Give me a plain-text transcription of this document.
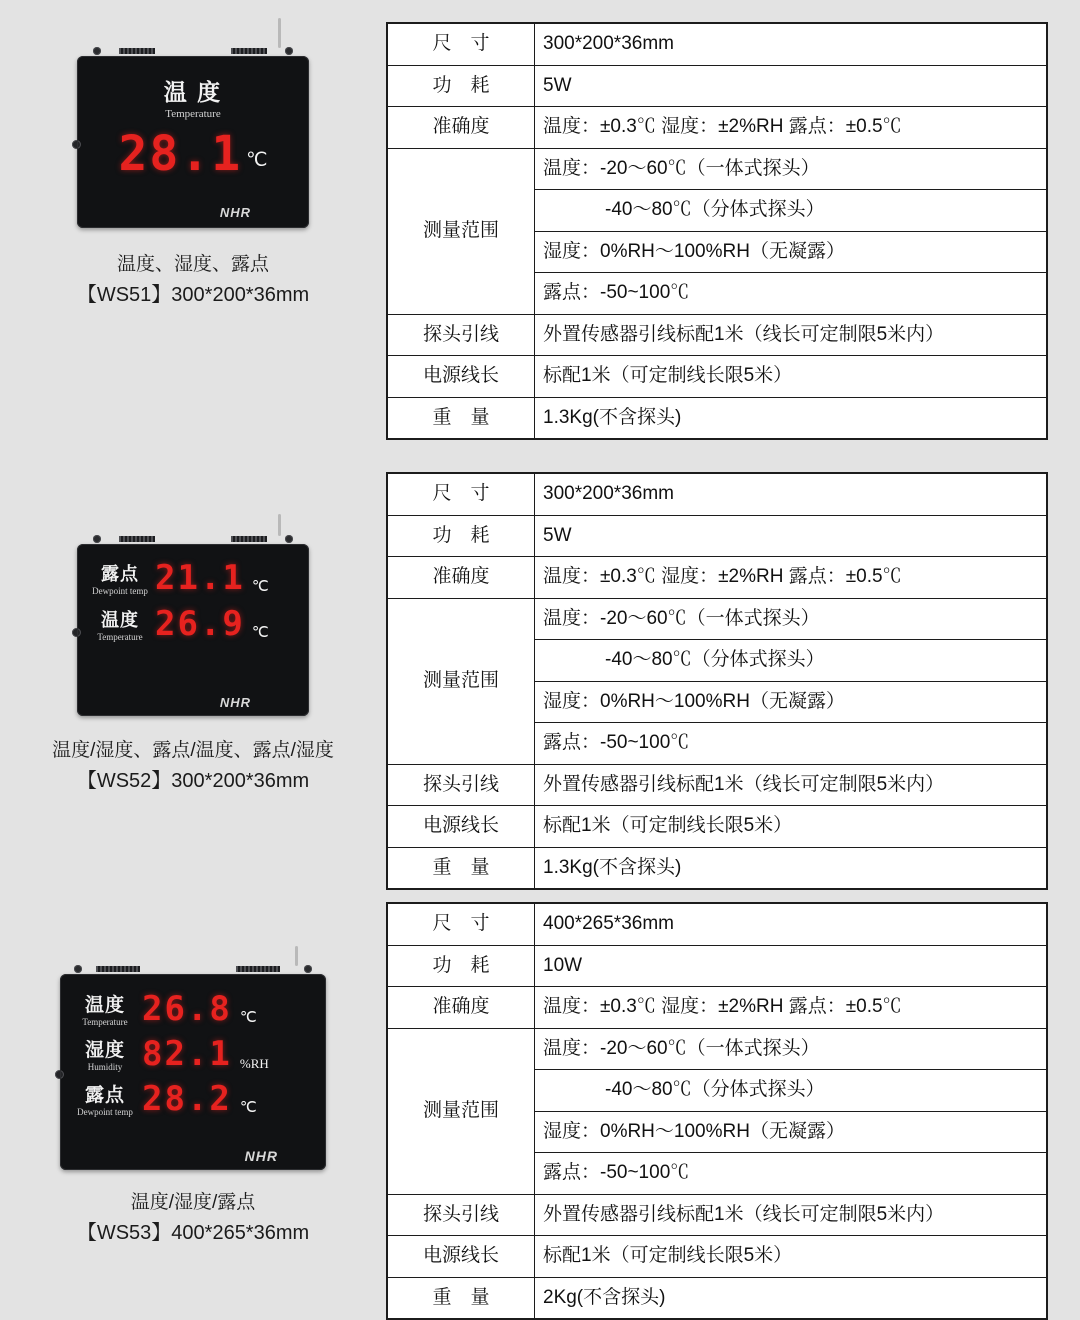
温 度
Temperature
28.1 ℃
NHR
温度、湿度、露点
【WS51】300*200*36mm
尺　寸	300*200*36mm
功　耗	5W
准确度	温度：±0.3℃ 湿度：±2%RH 露点：±0.5℃
测量范围	温度：-20～60℃（一体式探头）
	-40～80℃（分体式探头）
	湿度：0%RH～100%RH（无凝露）
	露点：-50~100℃
探头引线	外置传感器引线标配1米（线长可定制限5米内）
电源线长	标配1米（可定制线长限5米）
重　量	1.3Kg(不含探头)
露点
Dewpoint temp 21.1 ℃
温度
Temperature 26.9 ℃
NHR
温度/湿度、露点/温度、露点/湿度
【WS52】300*200*36mm
尺　寸	300*200*36mm
功　耗	5W
准确度	温度：±0.3℃ 湿度：±2%RH 露点：±0.5℃
测量范围	温度：-20～60℃（一体式探头）
	-40～80℃（分体式探头）
	湿度：0%RH～100%RH（无凝露）
	露点：-50~100℃
探头引线	外置传感器引线标配1米（线长可定制限5米内）
电源线长	标配1米（可定制线长限5米）
重　量	1.3Kg(不含探头)
温度
Temperature 26.8 ℃
湿度
Humidity 82.1 %RH
露点
Dewpoint temp 28.2 ℃
NHR
温度/湿度/露点
【WS53】400*265*36mm
尺　寸	400*265*36mm
功　耗	10W
准确度	温度：±0.3℃ 湿度：±2%RH 露点：±0.5℃
测量范围	温度：-20～60℃（一体式探头）
	-40～80℃（分体式探头）
	湿度：0%RH～100%RH（无凝露）
	露点：-50~100℃
探头引线	外置传感器引线标配1米（线长可定制限5米内）
电源线长	标配1米（可定制线长限5米）
重　量	2Kg(不含探头)
